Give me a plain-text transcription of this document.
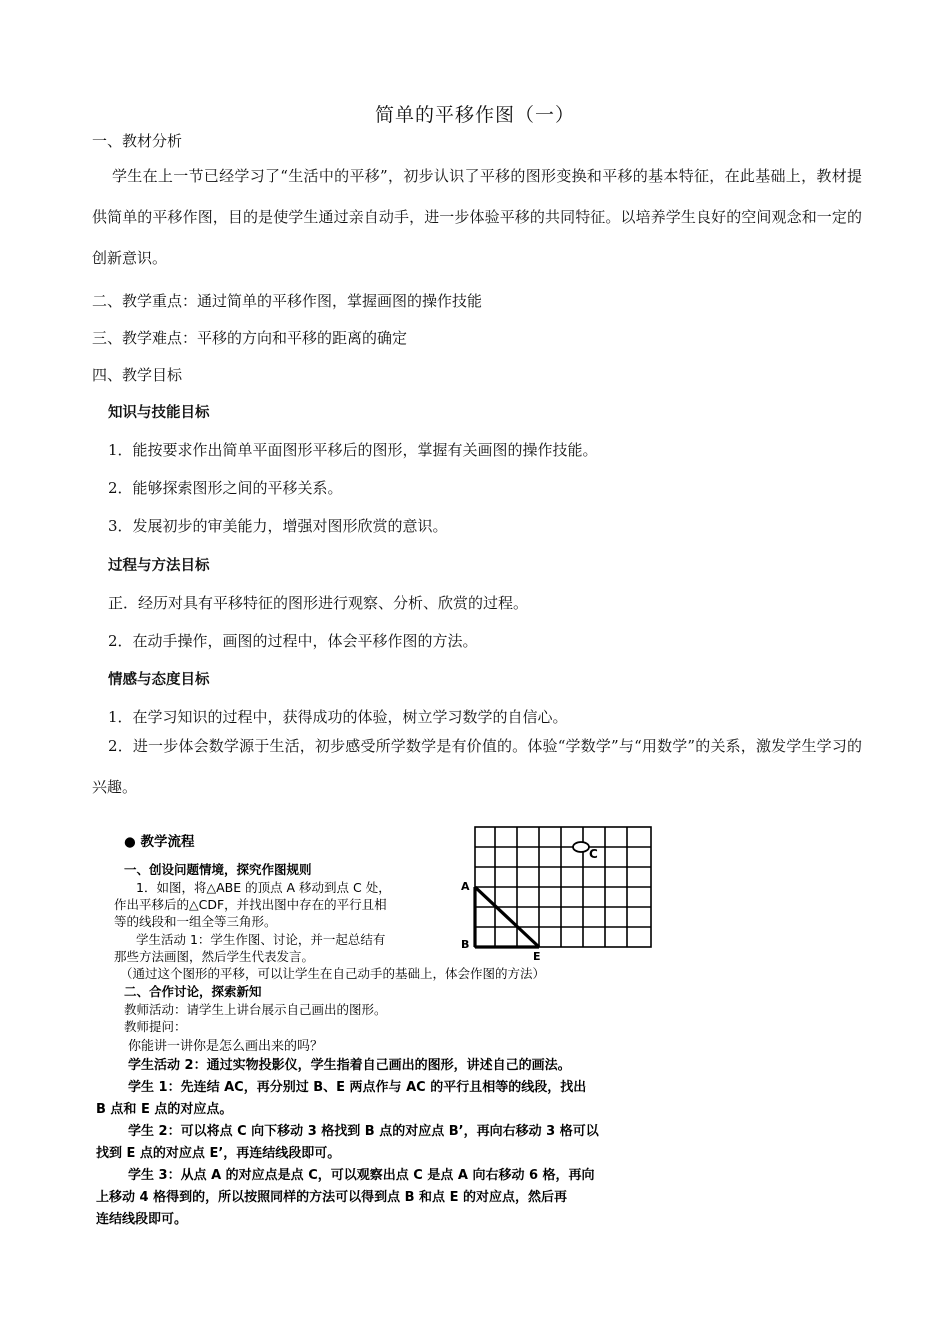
简单的平移作图（一）
一、教材分析
学生在上一节已经学习了“生活中的平移”，初步认识了平移的图形变换和平移的基本特征，在此基础上，教材提供简单的平移作图，目的是使学生通过亲自动手，进一步体验平移的共同特征。以培养学生良好的空间观念和一定的创新意识。
二、教学重点：通过简单的平移作图，掌握画图的操作技能
三、教学难点：平移的方向和平移的距离的确定
四、教学目标
知识与技能目标
1．能按要求作出简单平面图形平移后的图形，掌握有关画图的操作技能。
2．能够探索图形之间的平移关系。
3．发展初步的审美能力，增强对图形欣赏的意识。
过程与方法目标
正．经历对具有平移特征的图形进行观察、分析、欣赏的过程。
2．在动手操作，画图的过程中，体会平移作图的方法。
情感与态度目标
1．在学习知识的过程中，获得成功的体验，树立学习数学的自信心。
2．进一步体会数学源于生活，初步感受所学数学是有价值的。体验“学数学”与“用数学”的关系，激发学生学习的兴趣。
● 教学流程
一、创设问题情境，探究作图规则
1．如图，将△ABE 的顶点 A 移动到点 C 处，
作出平移后的△CDF，并找出图中存在的平行且相
等的线段和一组全等三角形。
学生活动 1：学生作图、讨论，并一起总结有
那些方法画图，然后学生代表发言。
（通过这个图形的平移，可以让学生在自己动手的基础上，体会作图的方法）
二、合作讨论，探索新知
教师活动：请学生上讲台展示自己画出的图形。
教师提问：
你能讲一讲你是怎么画出来的吗？
学生活动 2：通过实物投影仪，学生指着自己画出的图形，讲述自己的画法。
学生 1：先连结 AC，再分别过 B、E 两点作与 AC 的平行且相等的线段，找出
B 点和 E 点的对应点。
学生 2：可以将点 C 向下移动 3 格找到 B 点的对应点 B’，再向右移动 3 格可以
找到 E 点的对应点 E’，再连结线段即可。
学生 3：从点 A 的对应点是点 C，可以观察出点 C 是点 A 向右移动 6 格，再向
上移动 4 格得到的，所以按照同样的方法可以得到点 B 和点 E 的对应点，然后再
连结线段即可。
A
B
C
E
